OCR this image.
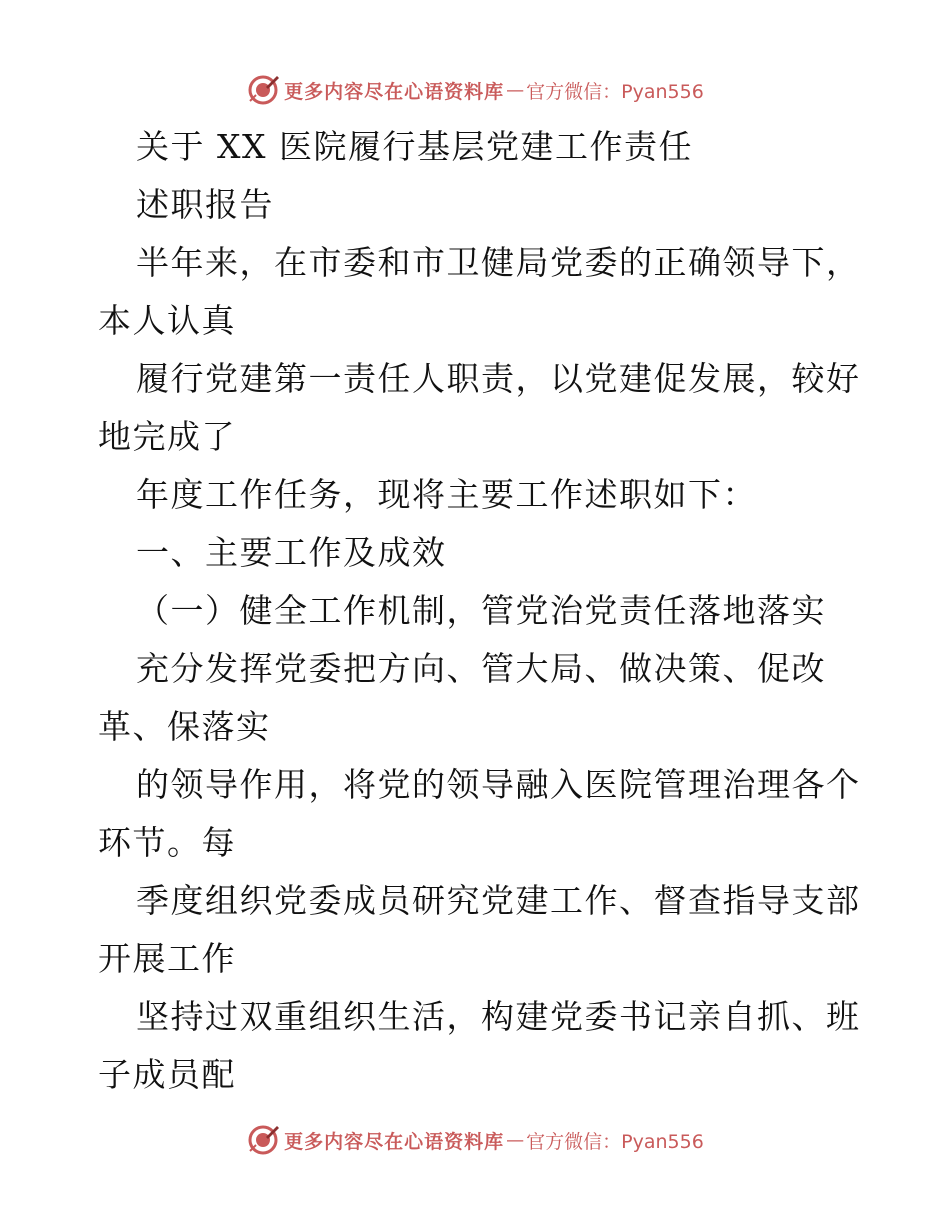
更多内容尽在心语资料库 — 官方微信：Pyan556
关于 XX 医院履行基层党建工作责任
述职报告
半年来，在市委和市卫健局党委的正确领导下，
本人认真
履行党建第一责任人职责，以党建促发展，较好
地完成了
年度工作任务，现将主要工作述职如下：
一、主要工作及成效
（一）健全工作机制，管党治党责任落地落实
充分发挥党委把方向、管大局、做决策、促改
革、保落实
的领导作用，将党的领导融入医院管理治理各个
环节。每
季度组织党委成员研究党建工作、督查指导支部
开展工作
坚持过双重组织生活，构建党委书记亲自抓、班
子成员配
更多内容尽在心语资料库 — 官方微信：Pyan556
